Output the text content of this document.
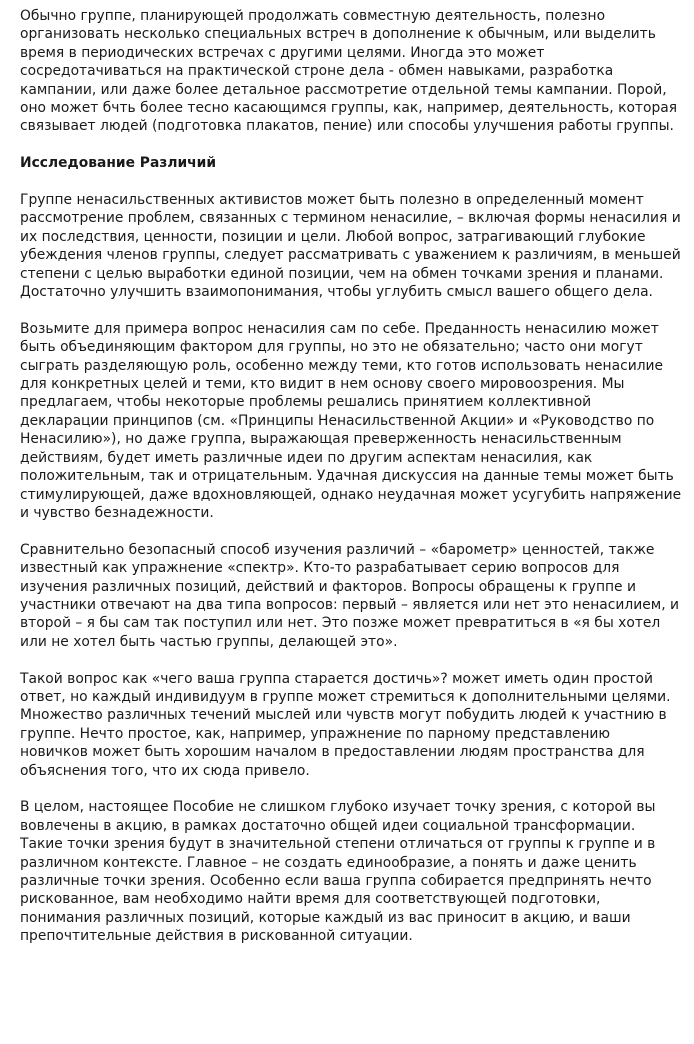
Обычно группе, планирующей продолжать совместную деятельность, полезно организовать несколько специальных встреч в дополнение к обычным, или выделить время в периодических встречах с другими целями. Иногда это может сосредотачиваться на практической строне дела - обмен навыками, разработка кампании, или даже более детальное рассмотретие отдельной темы кампании. Порой, оно может бчть более тесно касающимся группы, как, например, деятельность, которая связывает людей (подготовка плакатов, пение) или способы улучшения работы группы.

Исследование Различий

Группе ненасильственных активистов может быть полезно в определенный момент рассмотрение проблем, связанных с термином ненасилие, – включая формы ненасилия и их последствия, ценности, позиции и цели. Любой вопрос, затрагивающий глубокие убеждения членов группы, следует рассматривать с уважением к различиям, в меньшей степени с целью выработки единой позиции, чем на обмен точками зрения и планами. Достаточно улучшить взаимопонимания, чтобы углубить смысл вашего общего дела.

Возьмите для примера вопрос ненасилия сам по себе. Преданность ненасилию может быть объединяющим фактором для группы, но это не обязательно; часто они могут сыграть разделяющую роль, особенно между теми, кто готов использовать ненасилие для конкретных целей и теми, кто видит в нем основу своего мировоозрения. Мы предлагаем, чтобы некоторые проблемы решались принятием коллективной декларации принципов (см. «Принципы Ненасильственной Акции» и «Руководство по Ненасилию»), но даже группа, выражающая преверженность ненасильственным действиям, будет иметь различные идеи по другим аспектам ненасилия, как положительным, так и отрицательным. Удачная дискуссия на данные темы может быть стимулирующей, даже вдохновляющей, однако неудачная может усугубить напряжение и чувство безнадежности.

Сравнительно безопасный способ изучения различий – «барометр» ценностей, также известный как упражнение «спектр». Кто-то разрабатывает серию вопросов для изучения различных позиций, действий и факторов. Вопросы обращены к группе и участники отвечают на два типа вопросов: первый – является или нет это ненасилием, и второй – я бы сам так поступил или нет. Это позже может превратиться в «я бы хотел или не хотел быть частью группы, делающей это».

Такой вопрос как «чего ваша группа старается достичь»? может иметь один простой ответ, но каждый индивидуум в группе может стремиться к дополнительными целями. Множество различных течений мыслей или чувств могут побудить людей к участнию в группе. Нечто простое, как, например, упражнение по парному представлению новичков может быть хорошим началом в предоставлении людям пространства для объяснения того, что их сюда привело.

В целом, настоящее Пособие не слишком глубоко изучает точку зрения, с которой вы вовлечены в акцию, в рамках достаточно общей идеи социальной трансформации. Такие точки зрения будут в значительной степени отличаться от группы к группе и в различном контексте. Главное – не создать единообразие, а понять и даже ценить различные точки зрения. Особенно если ваша группа собирается предпринять нечто рискованное, вам необходимо найти время для соответствующей подготовки, понимания различных позиций, которые каждый из вас приносит в акцию, и ваши препочтительные действия в рискованной ситуации.
